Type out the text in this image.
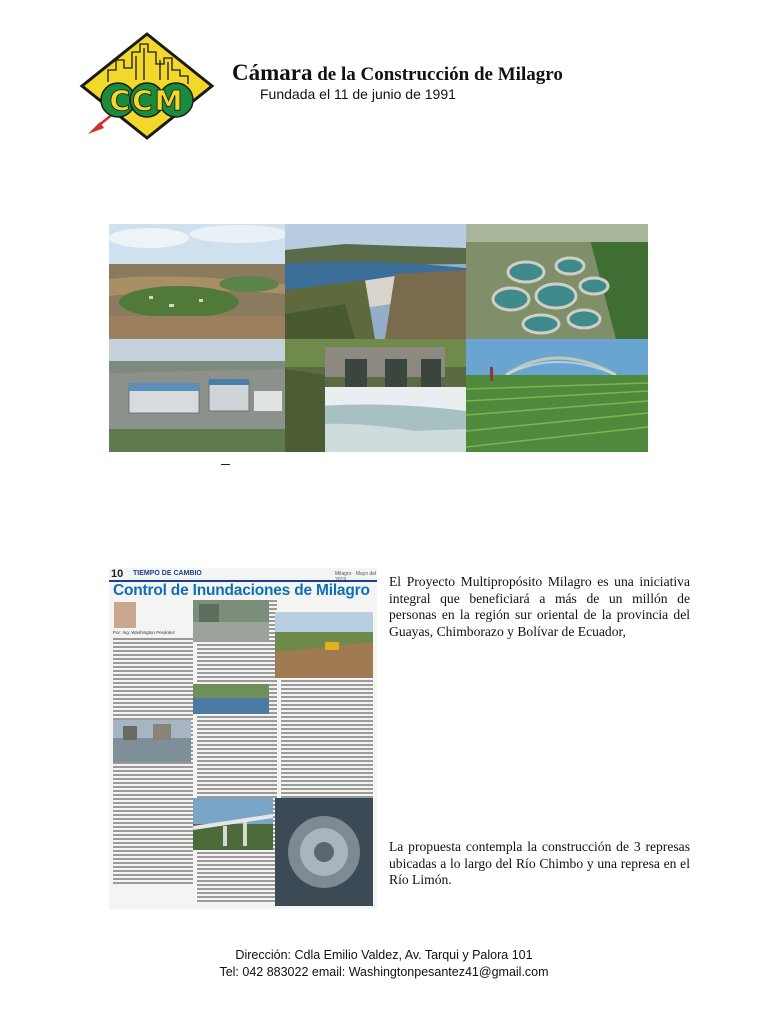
CCM
Cámara de la Construcción de Milagro
Fundada el 11 de junio de 1991
10 TIEMPO DE CAMBIO	Milagro · Mayo del
Control de Inundaciones de Milagro
Por: Ing. Washington Pesántez
El Proyecto Multipropósito Milagro es una iniciativa integral que beneficiará a más de un millón de personas en la región sur oriental de la provincia del Guayas, Chimborazo y Bolívar de Ecuador,
La propuesta contempla la construcción de 3 represas ubicadas a lo largo del Río Chimbo y una represa en el Río Limón.
Dirección: Cdla Emilio Valdez, Av. Tarqui y Palora 101
Tel: 042 883022 email: Washingtonpesantez41@gmail.com
